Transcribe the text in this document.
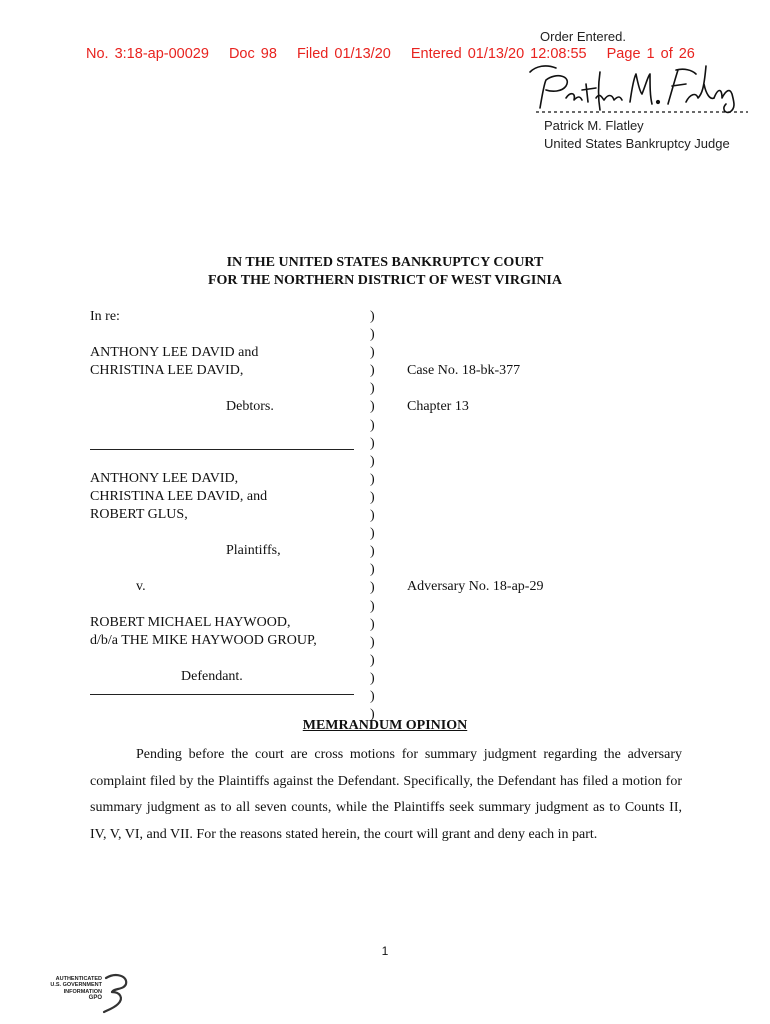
No. 3:18-ap-00029 Doc 98 Filed 01/13/20 Entered 01/13/20 12:08:55 Page 1 of 26
Order Entered.
Patrick M. Flatley
United States Bankruptcy Judge
IN THE UNITED STATES BANKRUPTCY COURT
FOR THE NORTHERN DISTRICT OF WEST VIRGINIA
In re:
ANTHONY LEE DAVID and
CHRISTINA LEE DAVID,
Debtors.
Case No. 18-bk-377
Chapter 13
ANTHONY LEE DAVID,
CHRISTINA LEE DAVID, and
ROBERT GLUS,
Plaintiffs,
v.	Adversary No. 18-ap-29
ROBERT MICHAEL HAYWOOD,
d/b/a THE MIKE HAYWOOD GROUP,
Defendant.
)
)
)
)
)
)
)
)
)
)
)
)
)
)
)
)
)
)
)
)
)
)
)
MEMRANDUM OPINION
Pending before the court are cross motions for summary judgment regarding the adversary complaint filed by the Plaintiffs against the Defendant. Specifically, the Defendant has filed a motion for summary judgment as to all seven counts, while the Plaintiffs seek summary judgment as to Counts II, IV, V, VI, and VII. For the reasons stated herein, the court will grant and deny each in part.
1
AUTHENTICATED
U.S. GOVERNMENT
INFORMATION
GPO
